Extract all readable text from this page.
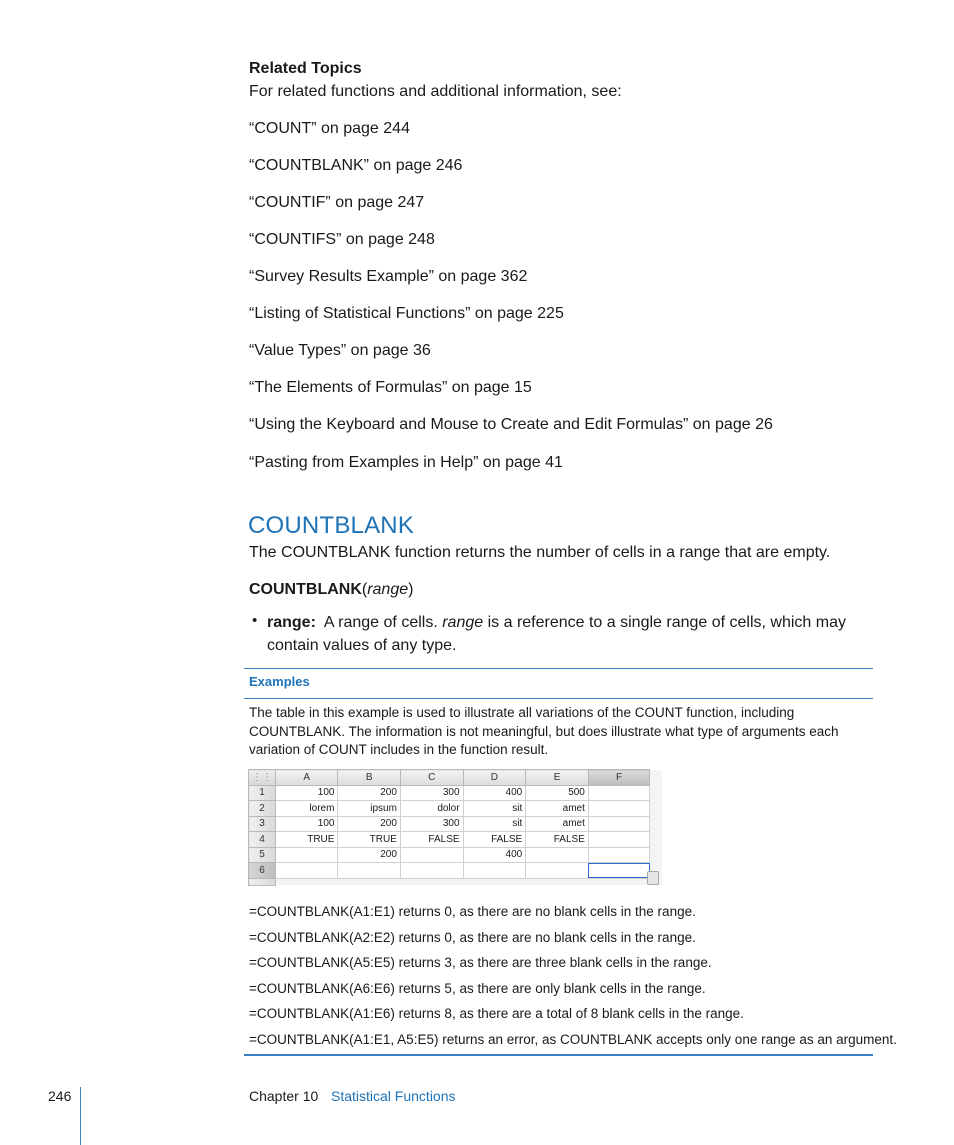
Related Topics
For related functions and additional information, see:
“COUNT” on page 244
“COUNTBLANK” on page 246
“COUNTIF” on page 247
“COUNTIFS” on page 248
“Survey Results Example” on page 362
“Listing of Statistical Functions” on page 225
“Value Types” on page 36
“The Elements of Formulas” on page 15
“Using the Keyboard and Mouse to Create and Edit Formulas” on page 26
“Pasting from Examples in Help” on page 41
COUNTBLANK
The COUNTBLANK function returns the number of cells in a range that are empty.
COUNTBLANK(range)
• range: A range of cells. range is a reference to a single range of cells, which may contain values of any type.
Examples
The table in this example is used to illustrate all variations of the COUNT function, including COUNTBLANK. The information is not meaningful, but does illustrate what type of arguments each variation of COUNT includes in the function result.
⋮⋮	A	B	C	D	E	F	
1	100	200	300	400	500		
2	lorem	ipsum	dolor	sit	amet		
3	100	200	300	sit	amet		
4	TRUE	TRUE	FALSE	FALSE	FALSE		
5		200		400			
6							

=COUNTBLANK(A1:E1) returns 0, as there are no blank cells in the range.
=COUNTBLANK(A2:E2) returns 0, as there are no blank cells in the range.
=COUNTBLANK(A5:E5) returns 3, as there are three blank cells in the range.
=COUNTBLANK(A6:E6) returns 5, as there are only blank cells in the range.
=COUNTBLANK(A1:E6) returns 8, as there are a total of 8 blank cells in the range.
=COUNTBLANK(A1:E1, A5:E5) returns an error, as COUNTBLANK accepts only one range as an argument.
246	Chapter 10 Statistical Functions
